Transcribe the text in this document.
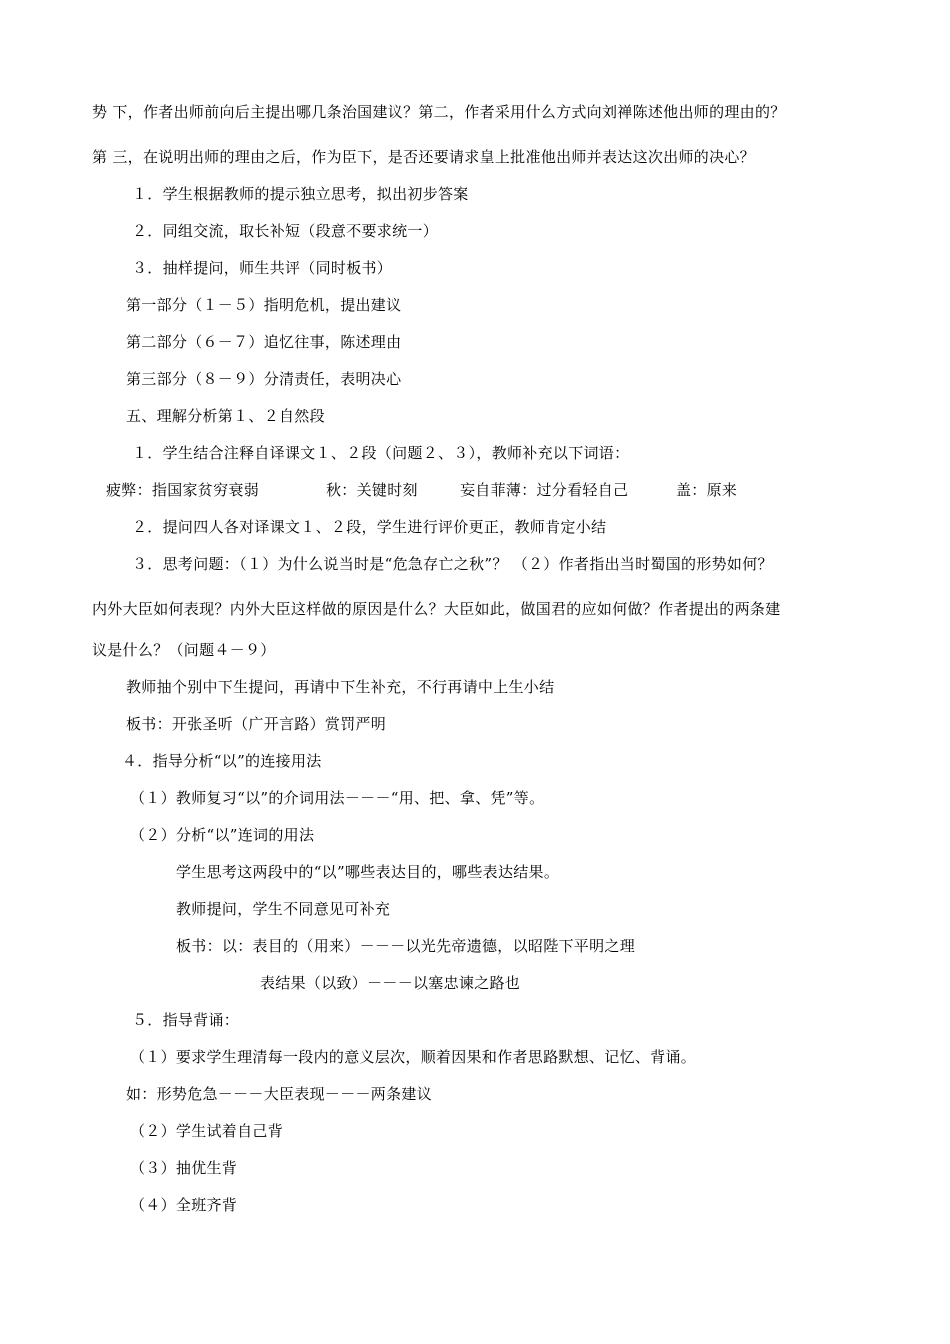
势 下，作者出师前向后主提出哪几条治国建议？第二，作者采用什么方式向刘禅陈述他出师的理由的？
第 三，在说明出师的理由之后，作为臣下，是否还要请求皇上批准他出师并表达这次出师的决心？
１．学生根据教师的提示独立思考，拟出初步答案
２．同组交流，取长补短（段意不要求统一）
３．抽样提问，师生共评（同时板书）
第一部分（１－５）指明危机，提出建议
第二部分（６－７）追忆往事，陈述理由
第三部分（８－９）分清责任，表明决心
五、理解分析第１、２自然段
１．学生结合注释自译课文１、２段（问题２、３），教师补充以下词语：
疲弊：指国家贫穷衰弱	秋：关键时刻	妄自菲薄：过分看轻自己	盖：原来
２．提问四人各对译课文１、２段，学生进行评价更正，教师肯定小结
３．思考问题：（１）为什么说当时是“危急存亡之秋”？ （２）作者指出当时蜀国的形势如何？
内外大臣如何表现？内外大臣这样做的原因是什么？大臣如此，做国君的应如何做？作者提出的两条建
议是什么？（问题４－９）
教师抽个别中下生提问，再请中下生补充，不行再请中上生小结
板书：开张圣听（广开言路）赏罚严明
４．指导分析“以”的连接用法
（１）教师复习“以”的介词用法－－－“用、把、拿、凭”等。
（２）分析“以”连词的用法
学生思考这两段中的“以”哪些表达目的，哪些表达结果。
教师提问，学生不同意见可补充
板书：以：表目的（用来）－－－以光先帝遗德，以昭陛下平明之理
表结果（以致）－－－以塞忠谏之路也
５．指导背诵：
（１）要求学生理清每一段内的意义层次，顺着因果和作者思路默想、记忆、背诵。
如：形势危急－－－大臣表现－－－两条建议
（２）学生试着自己背
（３）抽优生背
（４）全班齐背
